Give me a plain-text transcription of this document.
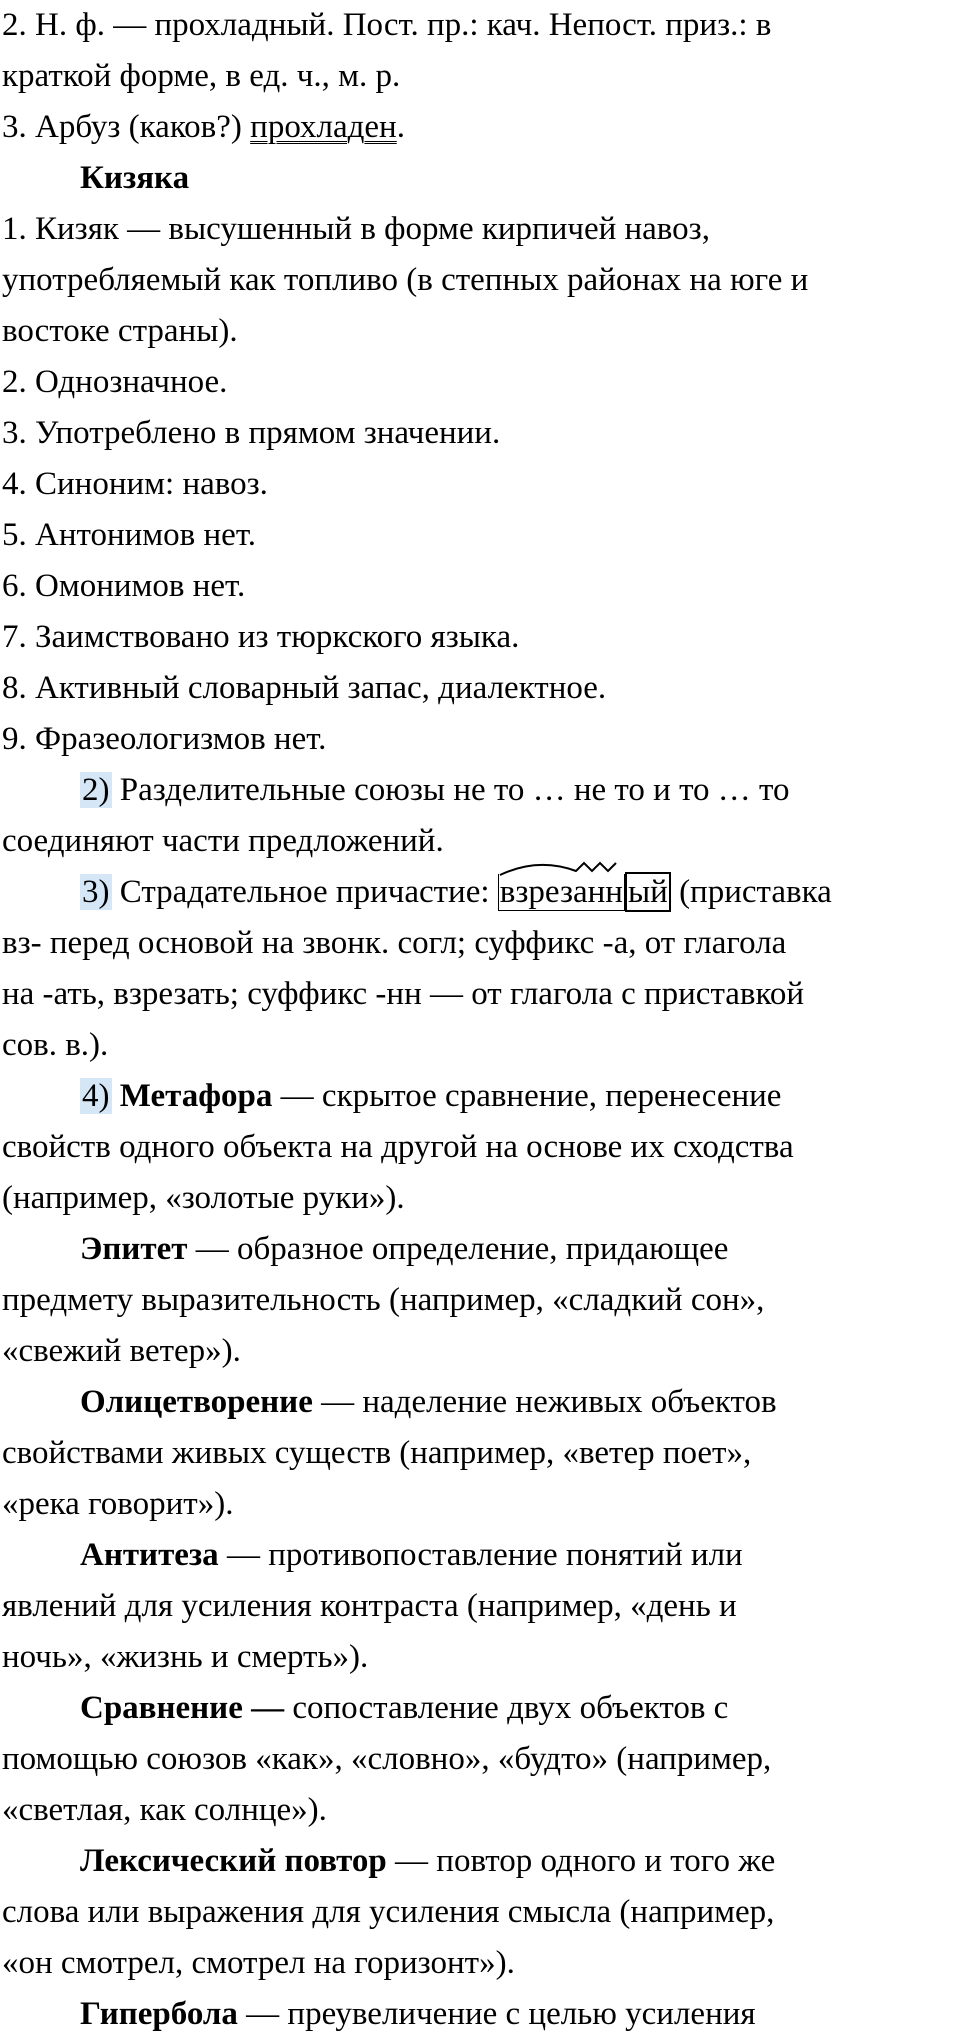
2. Н. ф. — прохладный. Пост. пр.: кач. Непост. приз.: в
краткой форме, в ед. ч., м. р.
3. Арбуз (каков?) прохладен.
Кизяка
1. Кизяк — высушенный в форме кирпичей навоз,
употребляемый как топливо (в степных районах на юге и
востоке страны).
2. Однозначное.
3. Употреблено в прямом значении.
4. Синоним: навоз.
5. Антонимов нет.
6. Омонимов нет.
7. Заимствовано из тюркского языка.
8. Активный словарный запас, диалектное.
9. Фразеологизмов нет.
2) Разделительные союзы не то … не то и то … то
соединяют части предложений.
3) Страдательное причастие:
взрезанн ый (приставка
вз- перед основой на звонк. согл; суффикс -а, от глагола
на -ать, взрезать; суффикс -нн — от глагола с приставкой
сов. в.).
4) Метафора — скрытое сравнение, перенесение
свойств одного объекта на другой на основе их сходства
(например, «золотые руки»).
Эпитет — образное определение, придающее
предмету выразительность (например, «сладкий сон»,
«свежий ветер»).
Олицетворение — наделение неживых объектов
свойствами живых существ (например, «ветер поет»,
«река говорит»).
Антитеза — противопоставление понятий или
явлений для усиления контраста (например, «день и
ночь», «жизнь и смерть»).
Сравнение — сопоставление двух объектов с
помощью союзов «как», «словно», «будто» (например,
«светлая, как солнце»).
Лексический повтор — повтор одного и того же
слова или выражения для усиления смысла (например,
«он смотрел, смотрел на горизонт»).
Гипербола — преувеличение с целью усиления
